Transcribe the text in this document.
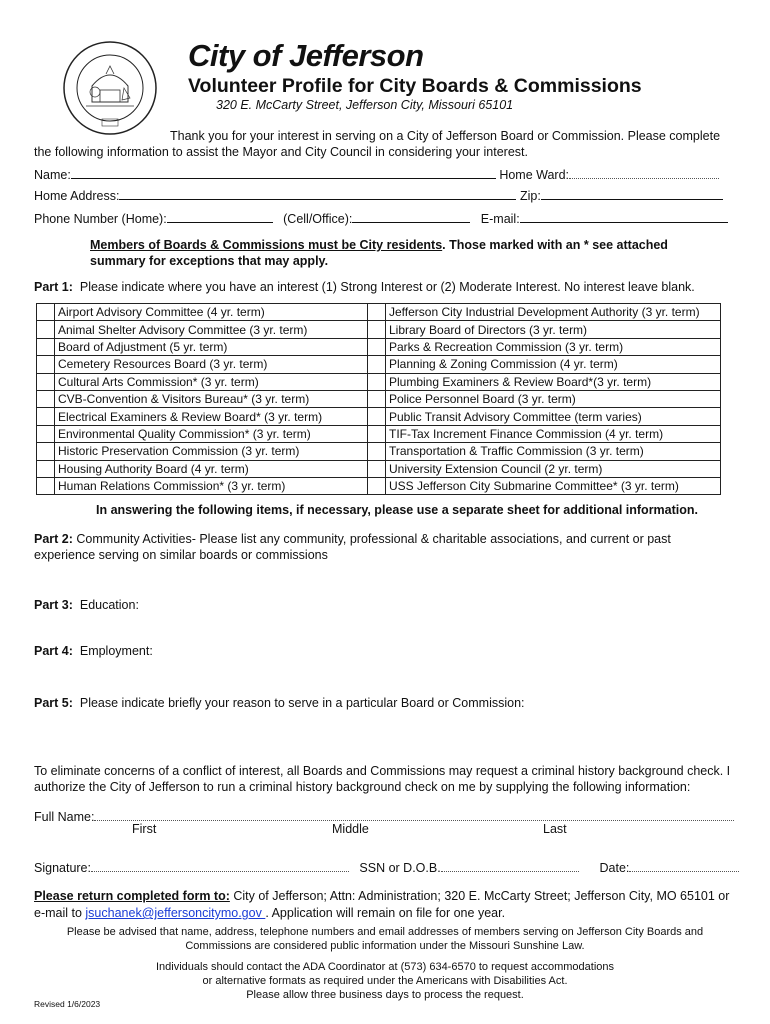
City of Jefferson
Volunteer Profile for City Boards & Commissions
320 E. McCarty Street, Jefferson City, Missouri 65101
Thank you for your interest in serving on a City of Jefferson Board or Commission. Please complete the following information to assist the Mayor and City Council in considering your interest.
Name:	Home Ward:
Home Address:	Zip:
Phone Number (Home):	(Cell/Office):	E-mail:
Members of Boards & Commissions must be City residents. Those marked with an * see attached summary for exceptions that may apply.
Part 1: Please indicate where you have an interest (1) Strong Interest or (2) Moderate Interest. No interest leave blank.
	Airport Advisory Committee (4 yr. term)		Jefferson City Industrial Development Authority (3 yr. term)
	Animal Shelter Advisory Committee (3 yr. term)		Library Board of Directors (3 yr. term)
	Board of Adjustment (5 yr. term)		Parks & Recreation Commission (3 yr. term)
	Cemetery Resources Board (3 yr. term)		Planning & Zoning Commission (4 yr. term)
	Cultural Arts Commission* (3 yr. term)		Plumbing Examiners & Review Board*(3 yr. term)
	CVB-Convention & Visitors Bureau* (3 yr. term)		Police Personnel Board (3 yr. term)
	Electrical Examiners & Review Board* (3 yr. term)		Public Transit Advisory Committee (term varies)
	Environmental Quality Commission* (3 yr. term)		TIF-Tax Increment Finance Commission (4 yr. term)
	Historic Preservation Commission (3 yr. term)		Transportation & Traffic Commission (3 yr. term)
	Housing Authority Board (4 yr. term)		University Extension Council (2 yr. term)
	Human Relations Commission* (3 yr. term)		USS Jefferson City Submarine Committee* (3 yr. term)
In answering the following items, if necessary, please use a separate sheet for additional information.
Part 2: Community Activities- Please list any community, professional & charitable associations, and current or past experience serving on similar boards or commissions
Part 3: Education:
Part 4: Employment:
Part 5: Please indicate briefly your reason to serve in a particular Board or Commission:
To eliminate concerns of a conflict of interest, all Boards and Commissions may request a criminal history background check. I authorize the City of Jefferson to run a criminal history background check on me by supplying the following information:
Full Name:
First	Middle	Last
Signature:	SSN or D.O.B.	Date:
Please return completed form to: City of Jefferson; Attn: Administration; 320 E. McCarty Street; Jefferson City, MO 65101 or e-mail to jsuchanek@jeffersoncitymo.gov . Application will remain on file for one year.
Please be advised that name, address, telephone numbers and email addresses of members serving on Jefferson City Boards and Commissions are considered public information under the Missouri Sunshine Law.
Individuals should contact the ADA Coordinator at (573) 634-6570 to request accommodations
or alternative formats as required under the Americans with Disabilities Act.
Please allow three business days to process the request.
Revised 1/6/2023
